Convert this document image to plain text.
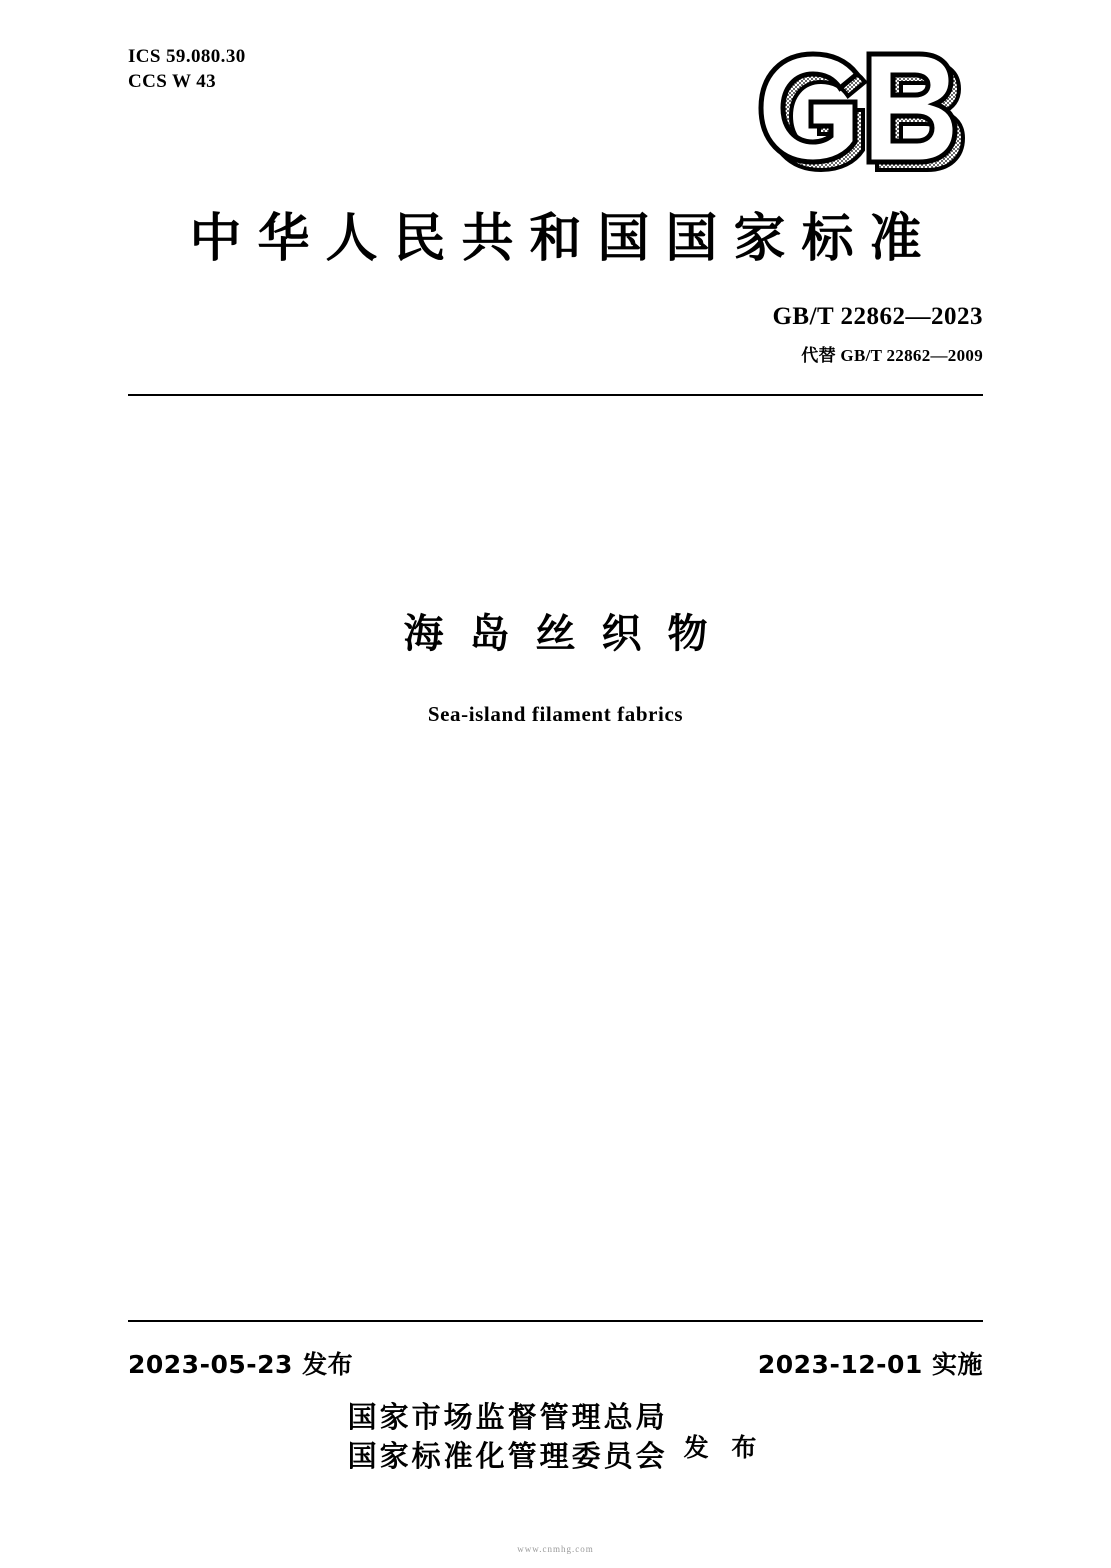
ICS 59.080.30
CCS W 43
中华人民共和国国家标准
GB/T 22862—2023
代替 GB/T 22862—2009
海岛丝织物
Sea-island filament fabrics
2023-05-23 发布	2023-12-01 实施
国家市场监督管理总局
国家标准化管理委员会 发 布
www.cnmhg.com
